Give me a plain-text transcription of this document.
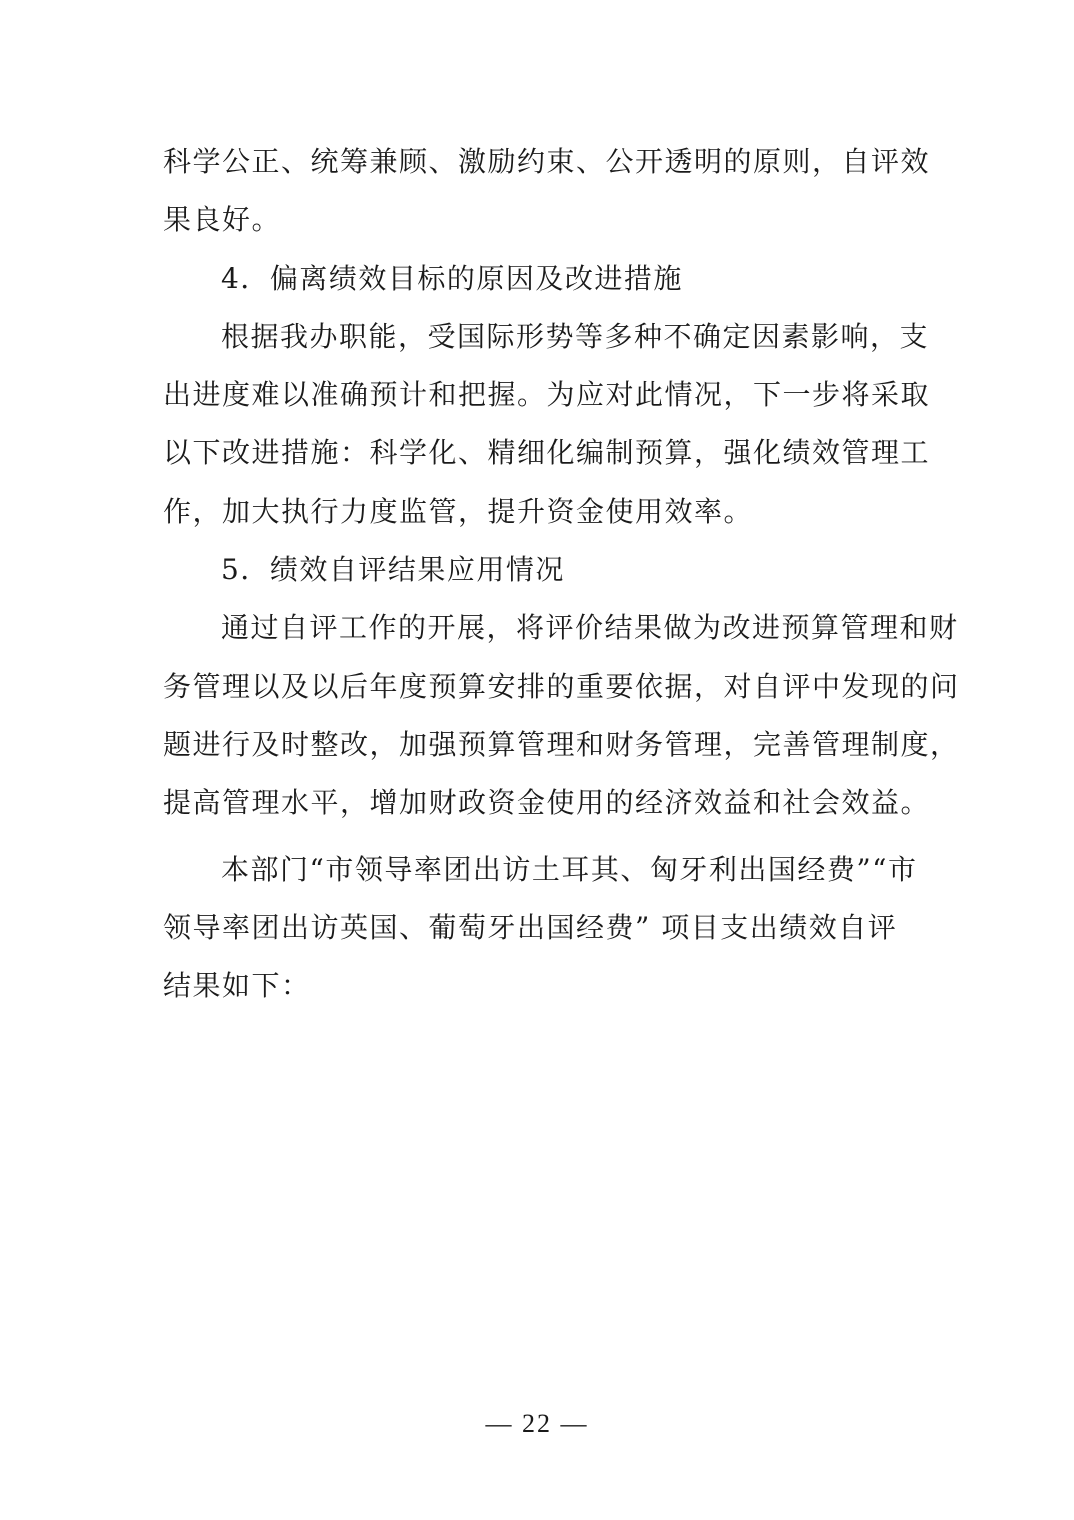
科学公正、统筹兼顾、激励约束、公开透明的原则，自评效
果良好。
4．偏离绩效目标的原因及改进措施
根据我办职能，受国际形势等多种不确定因素影响，支
出进度难以准确预计和把握。为应对此情况，下一步将采取
以下改进措施：科学化、精细化编制预算，强化绩效管理工
作，加大执行力度监管，提升资金使用效率。
5．绩效自评结果应用情况
通过自评工作的开展，将评价结果做为改进预算管理和财
务管理以及以后年度预算安排的重要依据，对自评中发现的问
题进行及时整改，加强预算管理和财务管理，完善管理制度，
提高管理水平，增加财政资金使用的经济效益和社会效益。
本部门“市领导率团出访土耳其、匈牙利出国经费”“市
领导率团出访英国、葡萄牙出国经费” 项目支出绩效自评
结果如下：
— 22 —
